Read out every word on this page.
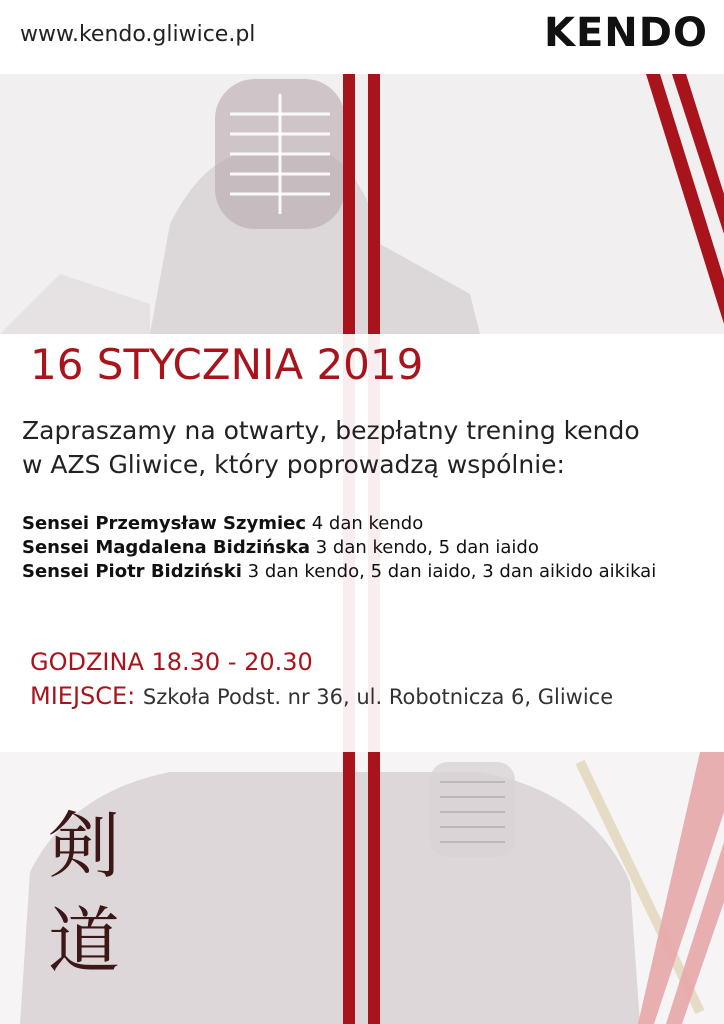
www.kendo.gliwice.pl	KENDO
16 STYCZNIA 2019
Zapraszamy na otwarty, bezpłatny trening kendo
w AZS Gliwice, który poprowadzą wspólnie:
Sensei Przemysław Szymiec 4 dan kendo
Sensei Magdalena Bidzińska 3 dan kendo, 5 dan iaido
Sensei Piotr Bidziński 3 dan kendo, 5 dan iaido, 3 dan aikido aikikai
GODZINA 18.30 - 20.30
MIEJSCE: Szkoła Podst. nr 36, ul. Robotnicza 6, Gliwice
剣
道
